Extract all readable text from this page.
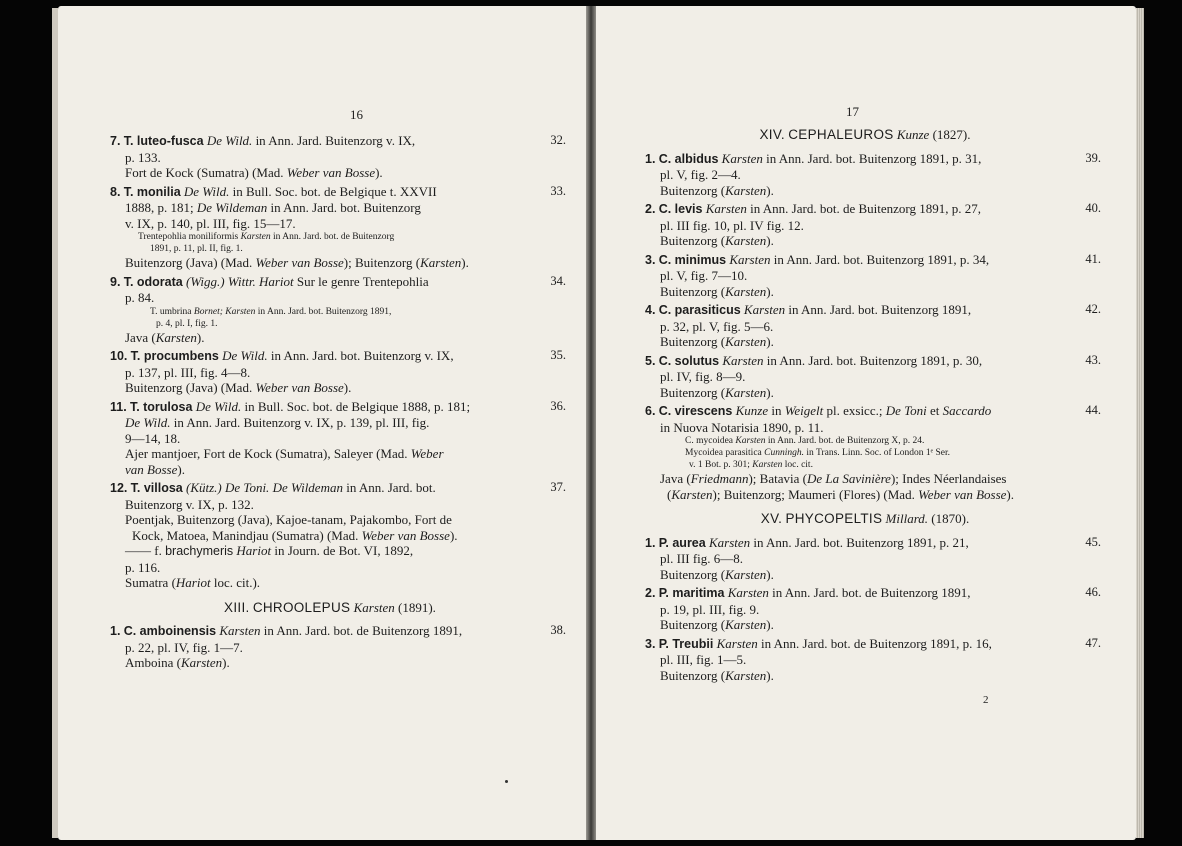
16
32.
7. T. luteo-fusca De Wild. in Ann. Jard. Buitenzorg v. IX,
p. 133.
Fort de Kock (Sumatra) (Mad. Weber van Bosse).
33.
8. T. monilia De Wild. in Bull. Soc. bot. de Belgique t. XXVII
1888, p. 181; De Wildeman in Ann. Jard. bot. Buitenzorg
v. IX, p. 140, pl. III, fig. 15—17.
Trentepohlia moniliformis Karsten in Ann. Jard. bot. de Buitenzorg
1891, p. 11, pl. II, fig. 1.
Buitenzorg (Java) (Mad. Weber van Bosse); Buitenzorg (Karsten).
34.
9. T. odorata (Wigg.) Wittr. Hariot Sur le genre Trentepohlia
p. 84.
T. umbrina Bornet; Karsten in Ann. Jard. bot. Buitenzorg 1891,
p. 4, pl. I, fig. 1.
Java (Karsten).
35.
10. T. procumbens De Wild. in Ann. Jard. bot. Buitenzorg v. IX,
p. 137, pl. III, fig. 4—8.
Buitenzorg (Java) (Mad. Weber van Bosse).
36.
11. T. torulosa De Wild. in Bull. Soc. bot. de Belgique 1888, p. 181;
De Wild. in Ann. Jard. Buitenzorg v. IX, p. 139, pl. III, fig.
9—14, 18.
Ajer mantjoer, Fort de Kock (Sumatra), Saleyer (Mad. Weber
van Bosse).
37.
12. T. villosa (Kütz.) De Toni. De Wildeman in Ann. Jard. bot.
Buitenzorg v. IX, p. 132.
Poentjak, Buitenzorg (Java), Kajoe-tanam, Pajakombo, Fort de
Kock, Matoea, Manindjau (Sumatra) (Mad. Weber van Bosse).
—— f. brachymeris Hariot in Journ. de Bot. VI, 1892,
p. 116.
Sumatra (Hariot loc. cit.).
XIII. CHROOLEPUS Karsten (1891).
38.
1. C. amboinensis Karsten in Ann. Jard. bot. de Buitenzorg 1891,
p. 22, pl. IV, fig. 1—7.
Amboina (Karsten).
17
XIV. CEPHALEUROS Kunze (1827).
39.
1. C. albidus Karsten in Ann. Jard. bot. Buitenzorg 1891, p. 31,
pl. V, fig. 2—4.
Buitenzorg (Karsten).
40.
2. C. levis Karsten in Ann. Jard. bot. de Buitenzorg 1891, p. 27,
pl. III fig. 10, pl. IV fig. 12.
Buitenzorg (Karsten).
41.
3. C. minimus Karsten in Ann. Jard. bot. Buitenzorg 1891, p. 34,
pl. V, fig. 7—10.
Buitenzorg (Karsten).
42.
4. C. parasiticus Karsten in Ann. Jard. bot. Buitenzorg 1891,
p. 32, pl. V, fig. 5—6.
Buitenzorg (Karsten).
43.
5. C. solutus Karsten in Ann. Jard. bot. Buitenzorg 1891, p. 30,
pl. IV, fig. 8—9.
Buitenzorg (Karsten).
44.
6. C. virescens Kunze in Weigelt pl. exsicc.; De Toni et Saccardo
in Nuova Notarisia 1890, p. 11.
C. mycoidea Karsten in Ann. Jard. bot. de Buitenzorg X, p. 24.
Mycoidea parasitica Cunningh. in Trans. Linn. Soc. of London 1ᵉ Ser.
v. 1 Bot. p. 301; Karsten loc. cit.
Java (Friedmann); Batavia (De La Savinière); Indes Néerlandaises
(Karsten); Buitenzorg; Maumeri (Flores) (Mad. Weber van Bosse).
XV. PHYCOPELTIS Millard. (1870).
45.
1. P. aurea Karsten in Ann. Jard. bot. Buitenzorg 1891, p. 21,
pl. III fig. 6—8.
Buitenzorg (Karsten).
46.
2. P. maritima Karsten in Ann. Jard. bot. de Buitenzorg 1891,
p. 19, pl. III, fig. 9.
Buitenzorg (Karsten).
47.
3. P. Treubii Karsten in Ann. Jard. bot. de Buitenzorg 1891, p. 16,
pl. III, fig. 1—5.
Buitenzorg (Karsten).
2
